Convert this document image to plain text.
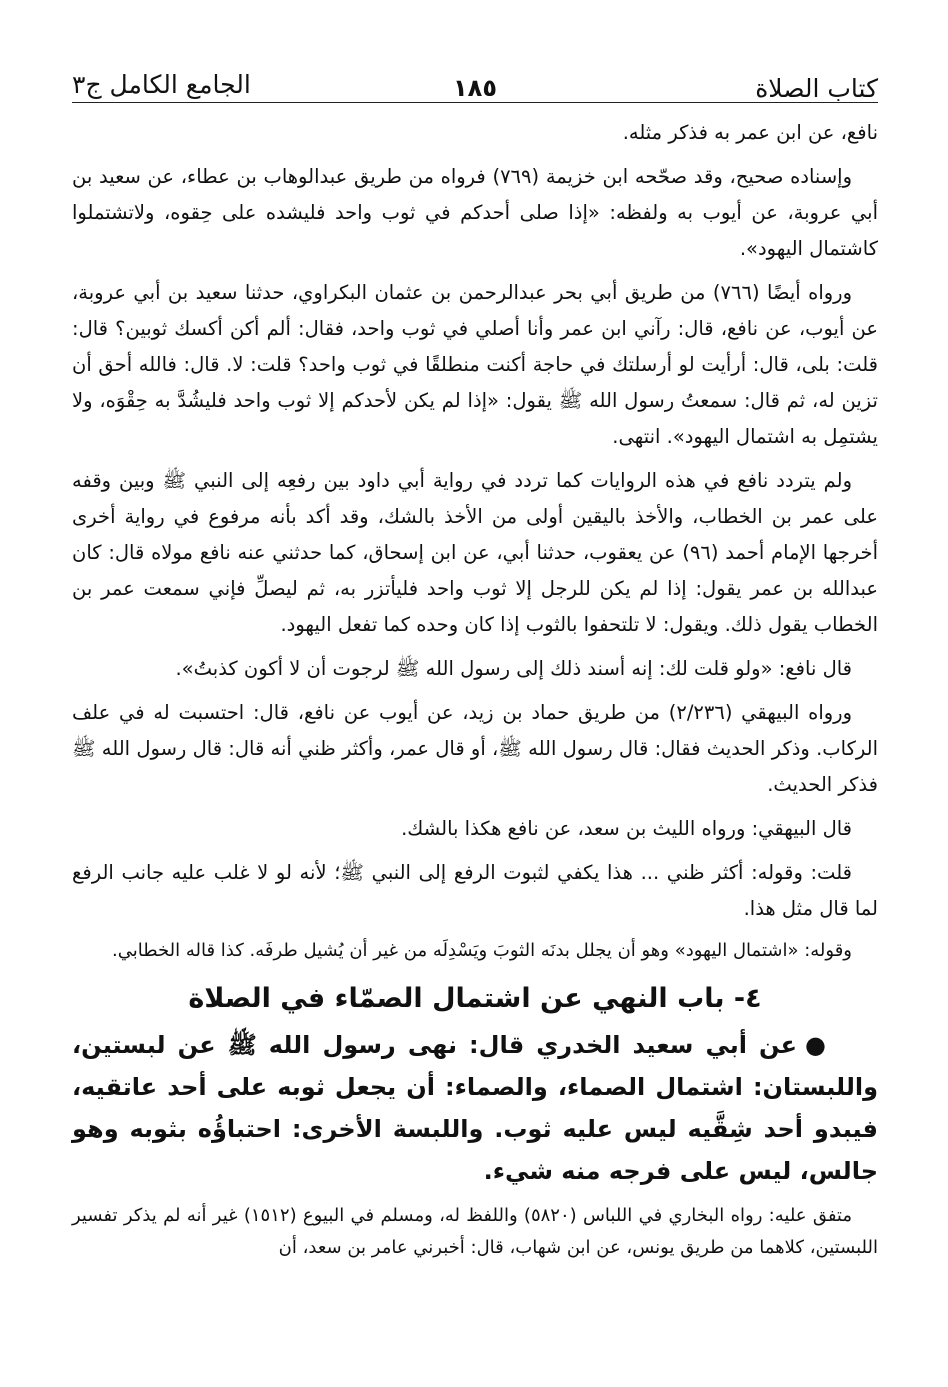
كتاب الصلاة
١٨٥
الجامع الكامل ج٣

نافع، عن ابن عمر به فذكر مثله.

وإسناده صحيح، وقد صحّحه ابن خزيمة (٧٦٩) فرواه من طريق عبدالوهاب بن عطاء، عن سعيد بن أبي عروبة، عن أيوب به ولفظه: «إذا صلى أحدكم في ثوب واحد فليشده على حِقوه، ولاتشتملوا كاشتمال اليهود».

ورواه أيضًا (٧٦٦) من طريق أبي بحر عبدالرحمن بن عثمان البكراوي، حدثنا سعيد بن أبي عروبة، عن أيوب، عن نافع، قال: رآني ابن عمر وأنا أصلي في ثوب واحد، فقال: ألم أكن أكسك ثوبين؟ قال: قلت: بلى، قال: أرأيت لو أرسلتك في حاجة أكنت منطلقًا في ثوب واحد؟ قلت: لا. قال: فالله أحق أن تزين له، ثم قال: سمعتُ رسول الله ﷺ يقول: «إذا لم يكن لأحدكم إلا ثوب واحد فليشُدَّ به حِقْوَه، ولا يشتمِل به اشتمال اليهود». انتهى.

ولم يتردد نافع في هذه الروايات كما تردد في رواية أبي داود بين رفعِه إلى النبي ﷺ وبين وقفه على عمر بن الخطاب، والأخذ باليقين أولى من الأخذ بالشك، وقد أكد بأنه مرفوع في رواية أخرى أخرجها الإمام أحمد (٩٦) عن يعقوب، حدثنا أبي، عن ابن إسحاق، كما حدثني عنه نافع مولاه قال: كان عبدالله بن عمر يقول: إذا لم يكن للرجل إلا ثوب واحد فليأتزر به، ثم ليصلِّ فإني سمعت عمر بن الخطاب يقول ذلك. ويقول: لا تلتحفوا بالثوب إذا كان وحده كما تفعل اليهود.

قال نافع: «ولو قلت لك: إنه أسند ذلك إلى رسول الله ﷺ لرجوت أن لا أكون كذبتُ».

ورواه البيهقي (٢/٢٣٦) من طريق حماد بن زيد، عن أيوب عن نافع، قال: احتسبت له في علف الركاب. وذكر الحديث فقال: قال رسول الله ﷺ، أو قال عمر، وأكثر ظني أنه قال: قال رسول الله ﷺ فذكر الحديث.

قال البيهقي: ورواه الليث بن سعد، عن نافع هكذا بالشك.

قلت: وقوله: أكثر ظني ... هذا يكفي لثبوت الرفع إلى النبي ﷺ؛ لأنه لو لا غلب عليه جانب الرفع لما قال مثل هذا.

وقوله: «اشتمال اليهود» وهو أن يجلل بدنَه الثوبَ ويَسْدِلَه من غير أن يُشيل طرفَه. كذا قاله الخطابي.

٤- باب النهي عن اشتمال الصمّاء في الصلاة

●عن أبي سعيد الخدري قال: نهى رسول الله ﷺ عن لبستين، واللبستان: اشتمال الصماء، والصماء: أن يجعل ثوبه على أحد عاتقيه، فيبدو أحد شِقَّيه ليس عليه ثوب. واللبسة الأخرى: احتباؤُه بثوبه وهو جالس، ليس على فرجه منه شيء.

متفق عليه: رواه البخاري في اللباس (٥٨٢٠) واللفظ له، ومسلم في البيوع (١٥١٢) غير أنه لم يذكر تفسير اللبستين، كلاهما من طريق يونس، عن ابن شهاب، قال: أخبرني عامر بن سعد، أن
